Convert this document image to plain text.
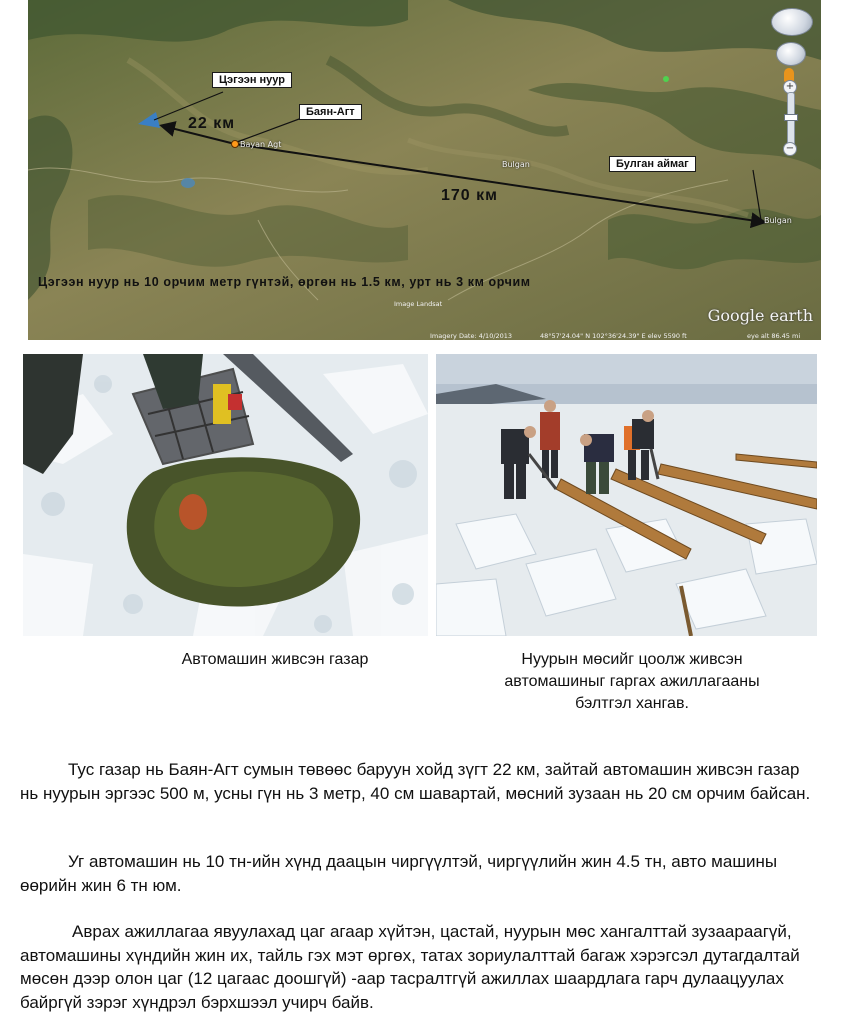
Цэгээн нуур
Баян-Агт
Булган аймаг
22 км
170 км
Bayan Agt
Bulgan
Bulgan
Цэгээн нуур нь 10 орчим метр гүнтэй, өргөн нь 1.5 км, урт нь 3 км орчим
Image Landsat
Imagery Date: 4/10/2013	48°57'24.04" N 102°36'24.39" E elev 5590 ft	eye alt 86.45 mi
Google earth
+
−
Автомашин живсэн газар	Нуурын мөсийг цоолж живсэн
автомашиныг гаргах ажиллагааны
бэлтгэл хангав.

Тус газар нь Баян-Агт сумын төвөөс баруун хойд зүгт 22 км, зайтай автомашин живсэн газар нь нуурын эргээс 500 м, усны гүн нь 3 метр, 40 см шавартай, мөсний зузаан нь 20 см орчим байсан.

Уг автомашин нь 10 тн-ийн хүнд даацын чиргүүлтэй, чиргүүлийн жин 4.5 тн, авто машины өөрийн жин 6 тн юм.

Аврах ажиллагаа явуулахад цаг агаар хүйтэн, цастай, нуурын мөс хангалттай зузаараагүй, автомашины хүндийн жин их, тайль гэх мэт өргөх, татах зориулалттай багаж хэрэгсэл дутагдалтай мөсөн дээр олон цаг (12 цагаас доошгүй) -аар тасралтгүй ажиллах шаардлага гарч дулаацуулах байргүй зэрэг хүндрэл бэрхшээл учирч байв.
